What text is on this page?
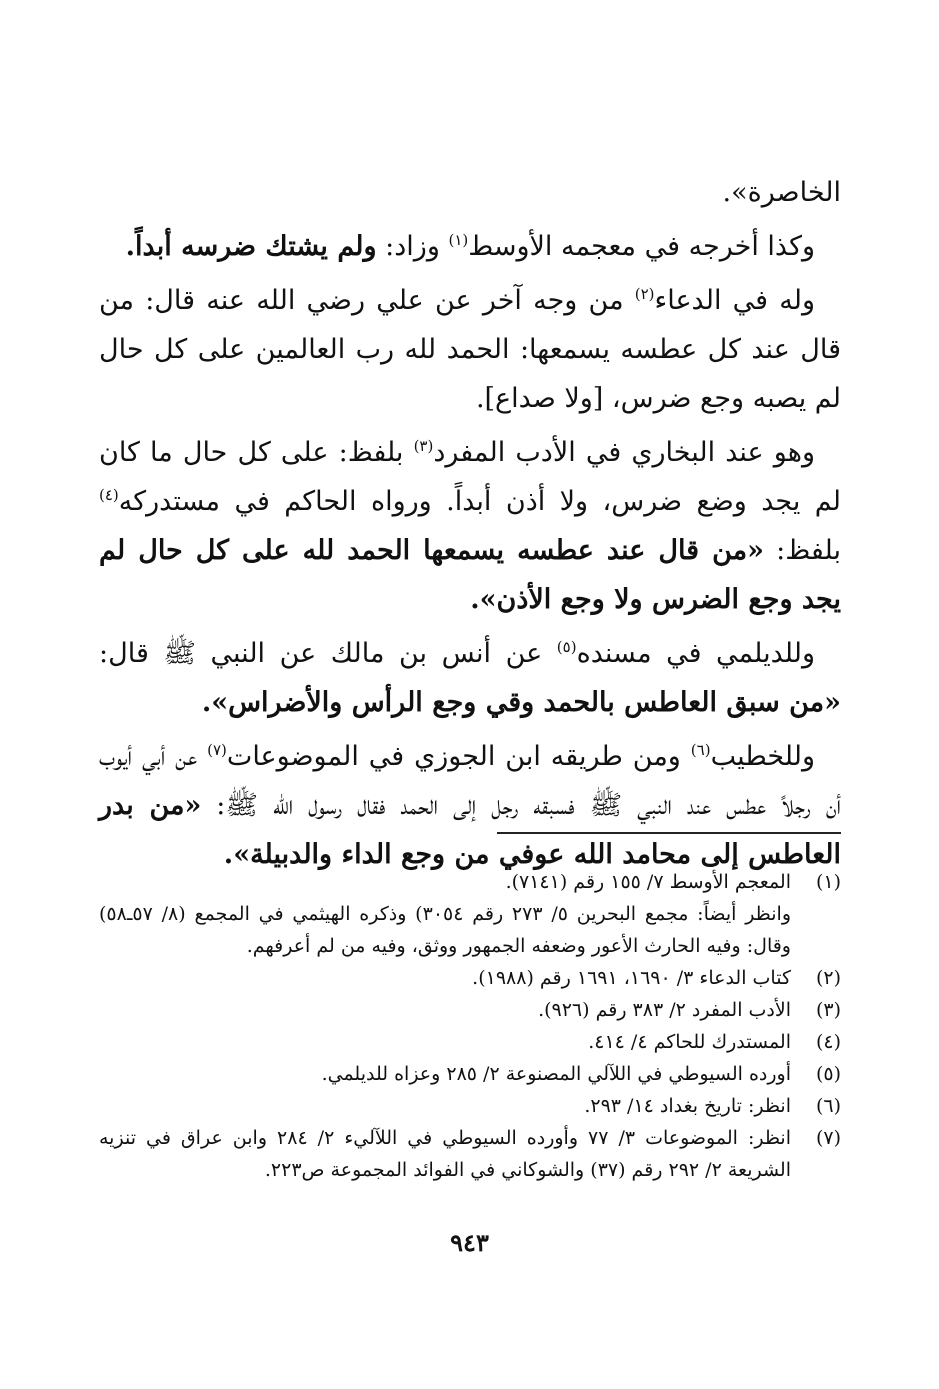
الخاصرة».

وكذا أخرجه في معجمه الأوسط$^{(١)}$ وزاد: ولم يشتك ضرسه أبداً.

وله في الدعاء$^{(٢)}$ من وجه آخر عن علي رضي الله عنه قال: من قال عند كل عطسه يسمعها: الحمد لله رب العالمين على كل حال لم يصبه وجع ضرس، [ولا صداع].

وهو عند البخاري في الأدب المفرد$^{(٣)}$ بلفظ: على كل حال ما كان لم يجد وضع ضرس، ولا أذن أبداً. ورواه الحاكم في مستدركه$^{(٤)}$ بلفظ: «من قال عند عطسه يسمعها الحمد لله على كل حال لم يجد وجع الضرس ولا وجع الأذن».

وللديلمي في مسنده$^{(٥)}$ عن أنس بن مالك عن النبي ﷺ قال: «من سبق العاطس بالحمد وقي وجع الرأس والأضراس».

وللخطيب$^{(٦)}$ ومن طريقه ابن الجوزي في الموضوعات$^{(٧)}$ عن أبي أيوب أن رجلاً عطس عند النبي ﷺ فسبقه رجل إلى الحمد فقال رسول الله ﷺ: «من بدر العاطس إلى محامد الله عوفي من وجع الداء والدبيلة».

(١)
المعجم الأوسط ٧/ ١٥٥ رقم (٧١٤١).
وانظر أيضاً: مجمع البحرين ٥/ ٢٧٣ رقم ٣٠٥٤) وذكره الهيثمي في المجمع (٨/ ٥٧ـ٥٨) وقال: وفيه الحارث الأعور وضعفه الجمهور ووثق، وفيه من لم أعرفهم.
(٢)
كتاب الدعاء ٣/ ١٦٩٠، ١٦٩١ رقم (١٩٨٨).
(٣)
الأدب المفرد ٢/ ٣٨٣ رقم (٩٢٦).
(٤)
المستدرك للحاكم ٤/ ٤١٤.
(٥)
أورده السيوطي في اللآلي المصنوعة ٢/ ٢٨٥ وعزاه للديلمي.
(٦)
انظر: تاريخ بغداد ١٤/ ٢٩٣.
(٧)
انظر: الموضوعات ٣/ ٧٧ وأورده السيوطي في اللآليء ٢/ ٢٨٤ وابن عراق في تنزيه الشريعة ٢/ ٢٩٢ رقم (٣٧) والشوكاني في الفوائد المجموعة ص٢٢٣.
٩٤٣
